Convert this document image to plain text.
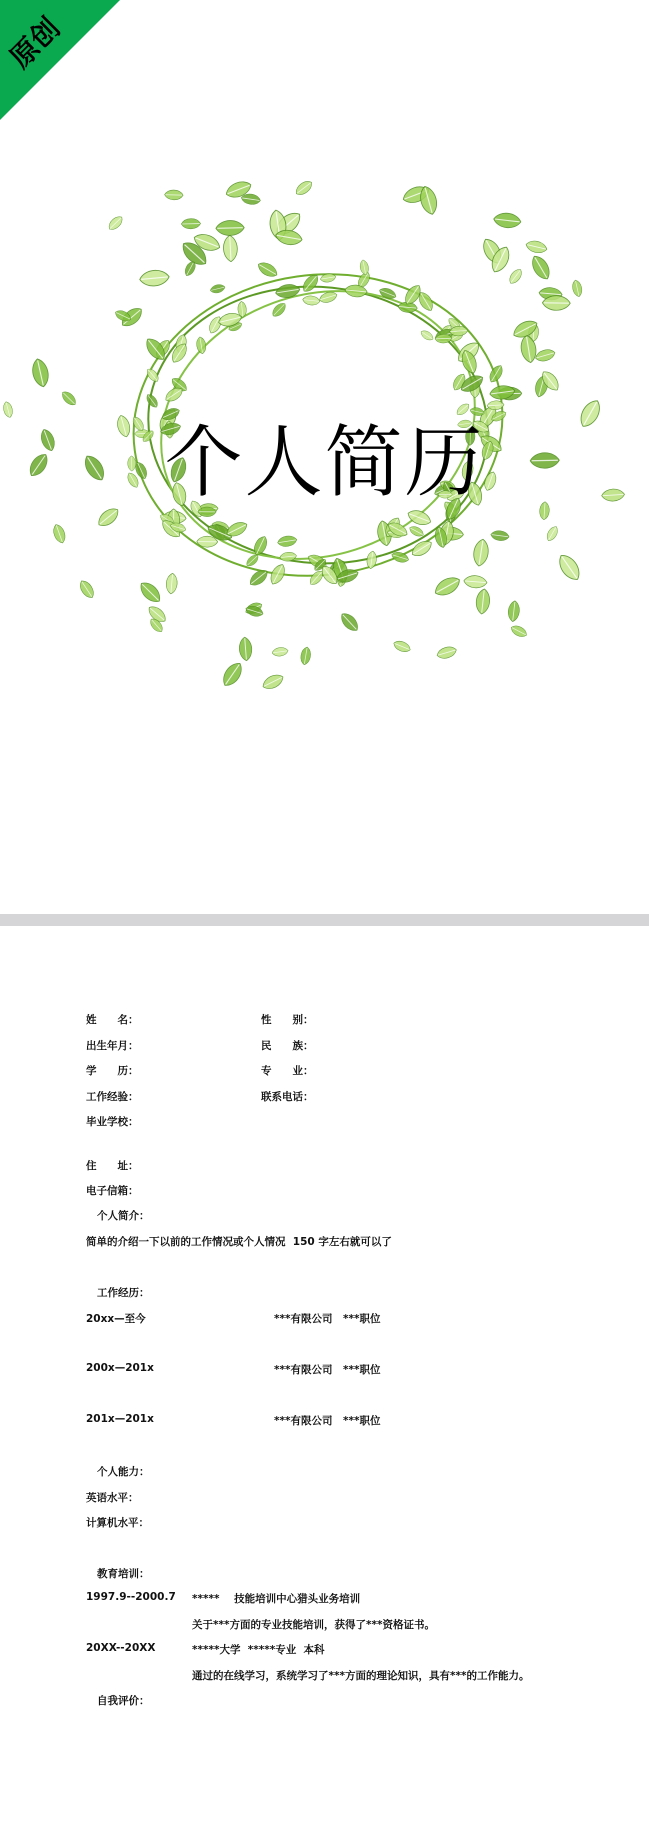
原创
个人简历
姓　　名：	性　　别：
出生年月：	民　　族：
学　　历：	专　　业：
工作经验：	联系电话：
毕业学校：
住　　址：
电子信箱：
个人简介：
简单的介绍一下以前的工作情况或个人情况  150 字左右就可以了
工作经历：
20xx—至今	***有限公司 ***职位
200x—201x	***有限公司 ***职位
201x—201x	***有限公司 ***职位
个人能力：
英语水平：
计算机水平：
教育培训：
1997.9--2000.7 *****    技能培训中心猎头业务培训
关于***方面的专业技能培训，获得了***资格证书。
20XX--20XX	*****大学  *****专业  本科
通过的在线学习，系统学习了***方面的理论知识，具有***的工作能力。
自我评价：
